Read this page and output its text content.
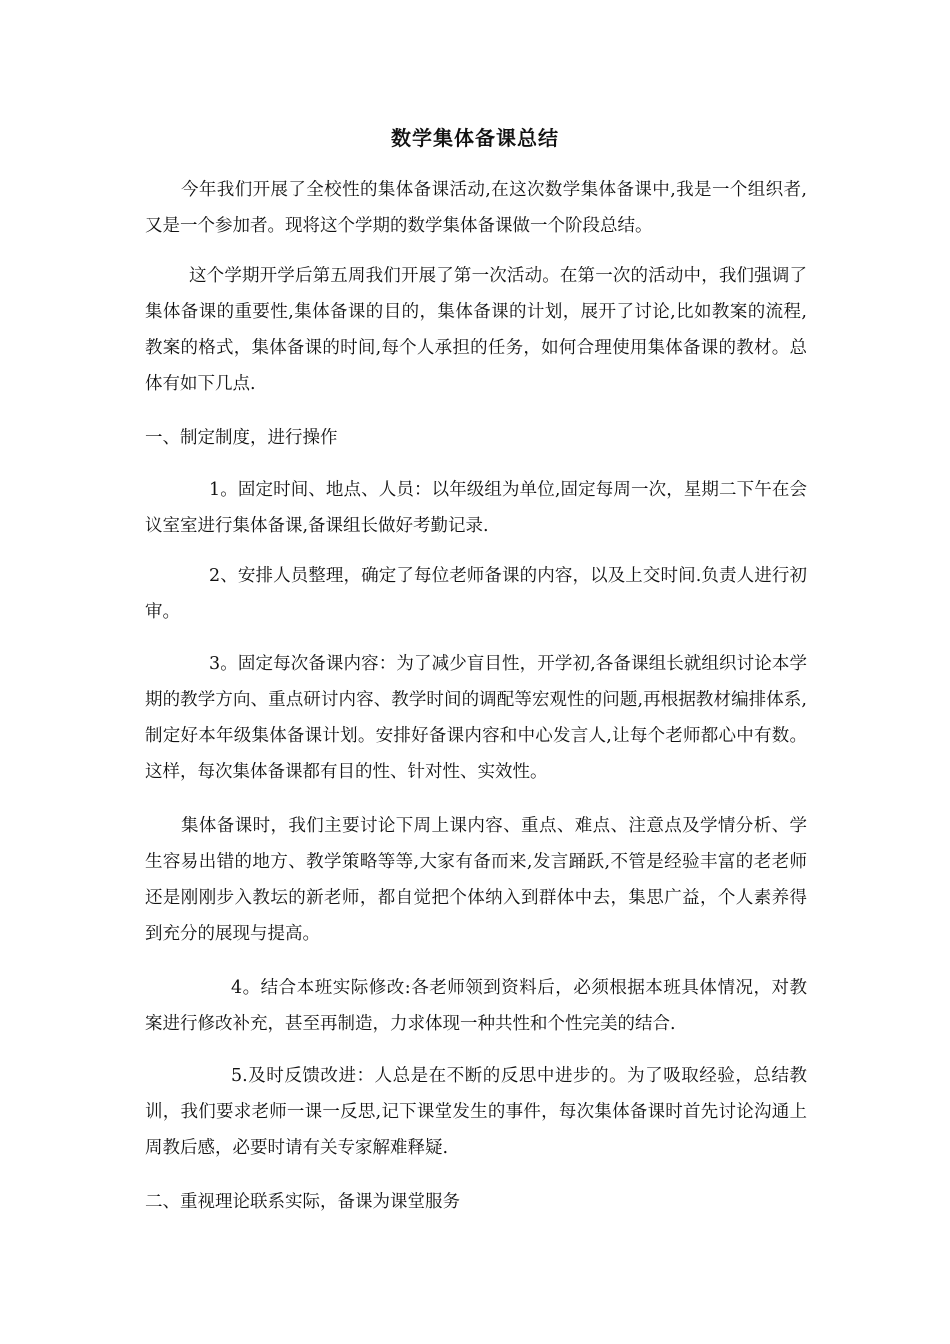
数学集体备课总结

今年我们开展了全校性的集体备课活动,在这次数学集体备课中,我是一个组织者,又是一个参加者。现将这个学期的数学集体备课做一个阶段总结。

这个学期开学后第五周我们开展了第一次活动。在第一次的活动中，我们强调了集体备课的重要性,集体备课的目的，集体备课的计划，展开了讨论,比如教案的流程,教案的格式，集体备课的时间,每个人承担的任务，如何合理使用集体备课的教材。总体有如下几点.

一、制定制度，进行操作

1。固定时间、地点、人员：以年级组为单位,固定每周一次，星期二下午在会议室室进行集体备课,备课组长做好考勤记录.

2、安排人员整理，确定了每位老师备课的内容，以及上交时间.负责人进行初审。

3。固定每次备课内容：为了减少盲目性，开学初,各备课组长就组织讨论本学期的教学方向、重点研讨内容、教学时间的调配等宏观性的问题,再根据教材编排体系,制定好本年级集体备课计划。安排好备课内容和中心发言人,让每个老师都心中有数。这样，每次集体备课都有目的性、针对性、实效性。

集体备课时，我们主要讨论下周上课内容、重点、难点、注意点及学情分析、学生容易出错的地方、教学策略等等,大家有备而来,发言踊跃,不管是经验丰富的老老师还是刚刚步入教坛的新老师，都自觉把个体纳入到群体中去，集思广益，个人素养得到充分的展现与提高。

4。结合本班实际修改:各老师领到资料后，必须根据本班具体情况，对教案进行修改补充，甚至再制造，力求体现一种共性和个性完美的结合.

5.及时反馈改进：人总是在不断的反思中进步的。为了吸取经验，总结教训，我们要求老师一课一反思,记下课堂发生的事件，每次集体备课时首先讨论沟通上周教后感，必要时请有关专家解难释疑.

二、重视理论联系实际，备课为课堂服务
